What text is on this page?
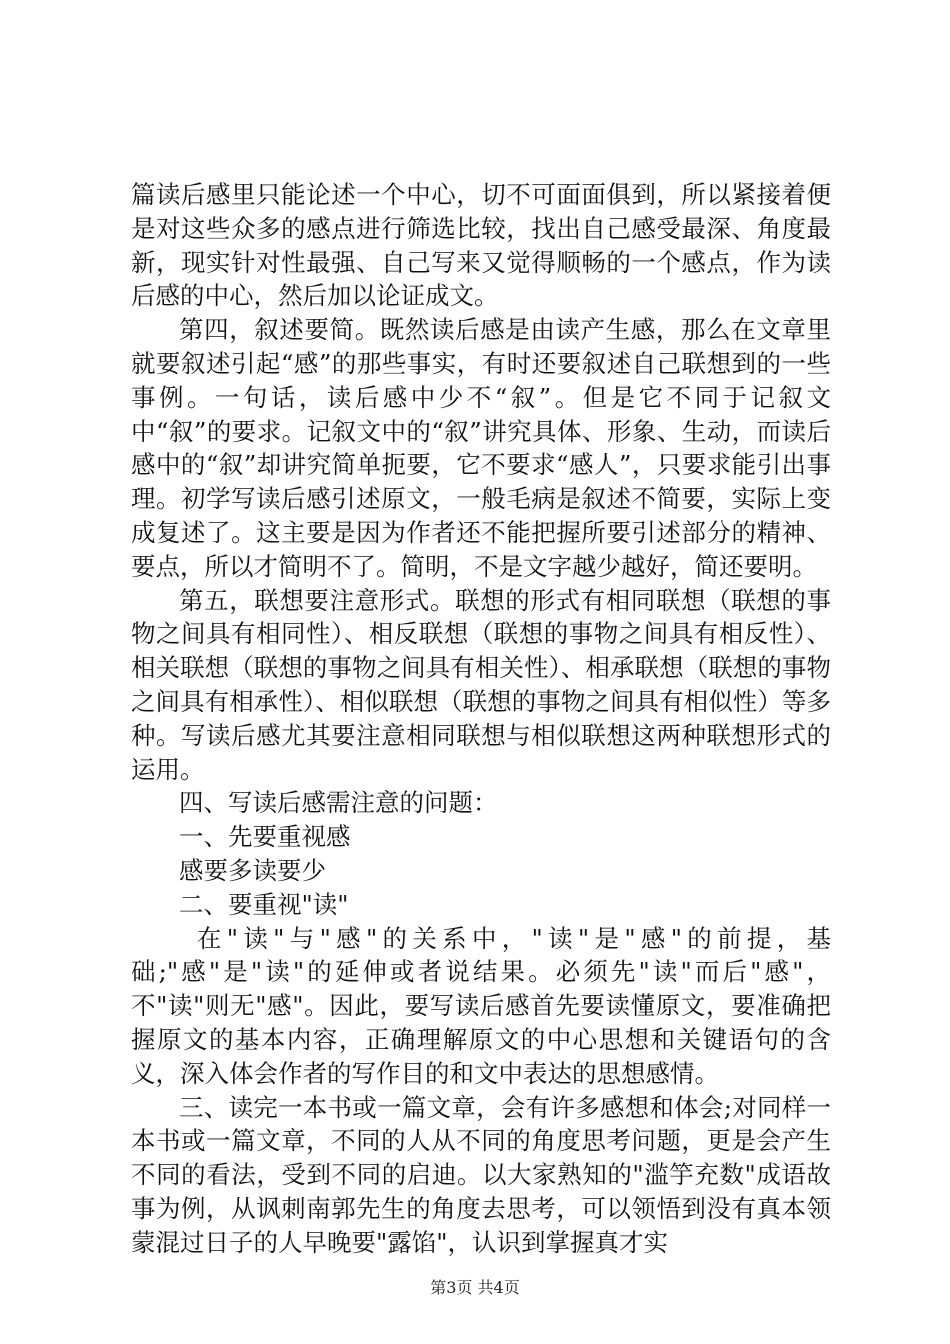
篇读后感里只能论述一个中心，切不可面面俱到，所以紧接着便是对这些众多的感点进行筛选比较，找出自己感受最深、角度最新，现实针对性最强、自己写来又觉得顺畅的一个感点，作为读后感的中心，然后加以论证成文。

第四，叙述要简。既然读后感是由读产生感，那么在文章里就要叙述引起“感”的那些事实，有时还要叙述自己联想到的一些事例。一句话，读后感中少不“叙”。但是它不同于记叙文中“叙”的要求。记叙文中的“叙”讲究具体、形象、生动，而读后感中的“叙”却讲究简单扼要，它不要求“感人”，只要求能引出事理。初学写读后感引述原文，一般毛病是叙述不简要，实际上变成复述了。这主要是因为作者还不能把握所要引述部分的精神、要点，所以才简明不了。简明，不是文字越少越好，简还要明。

第五，联想要注意形式。联想的形式有相同联想（联想的事物之间具有相同性）、相反联想（联想的事物之间具有相反性）、相关联想（联想的事物之间具有相关性）、相承联想（联想的事物之间具有相承性）、相似联想（联想的事物之间具有相似性）等多种。写读后感尤其要注意相同联想与相似联想这两种联想形式的运用。

四、写读后感需注意的问题：

一、先要重视感

感要多读要少

二、要重视"读"

在"读"与"感"的关系中，"读"是"感"的前提，基础;"感"是"读"的延伸或者说结果。必须先"读"而后"感"，不"读"则无"感"。因此，要写读后感首先要读懂原文，要准确把握原文的基本内容，正确理解原文的中心思想和关键语句的含义，深入体会作者的写作目的和文中表达的思想感情。

三、读完一本书或一篇文章，会有许多感想和体会;对同样一本书或一篇文章，不同的人从不同的角度思考问题，更是会产生不同的看法，受到不同的启迪。以大家熟知的"滥竽充数"成语故事为例，从讽刺南郭先生的角度去思考，可以领悟到没有真本领蒙混过日子的人早晚要"露馅"，认识到掌握真才实

第3页 共4页
